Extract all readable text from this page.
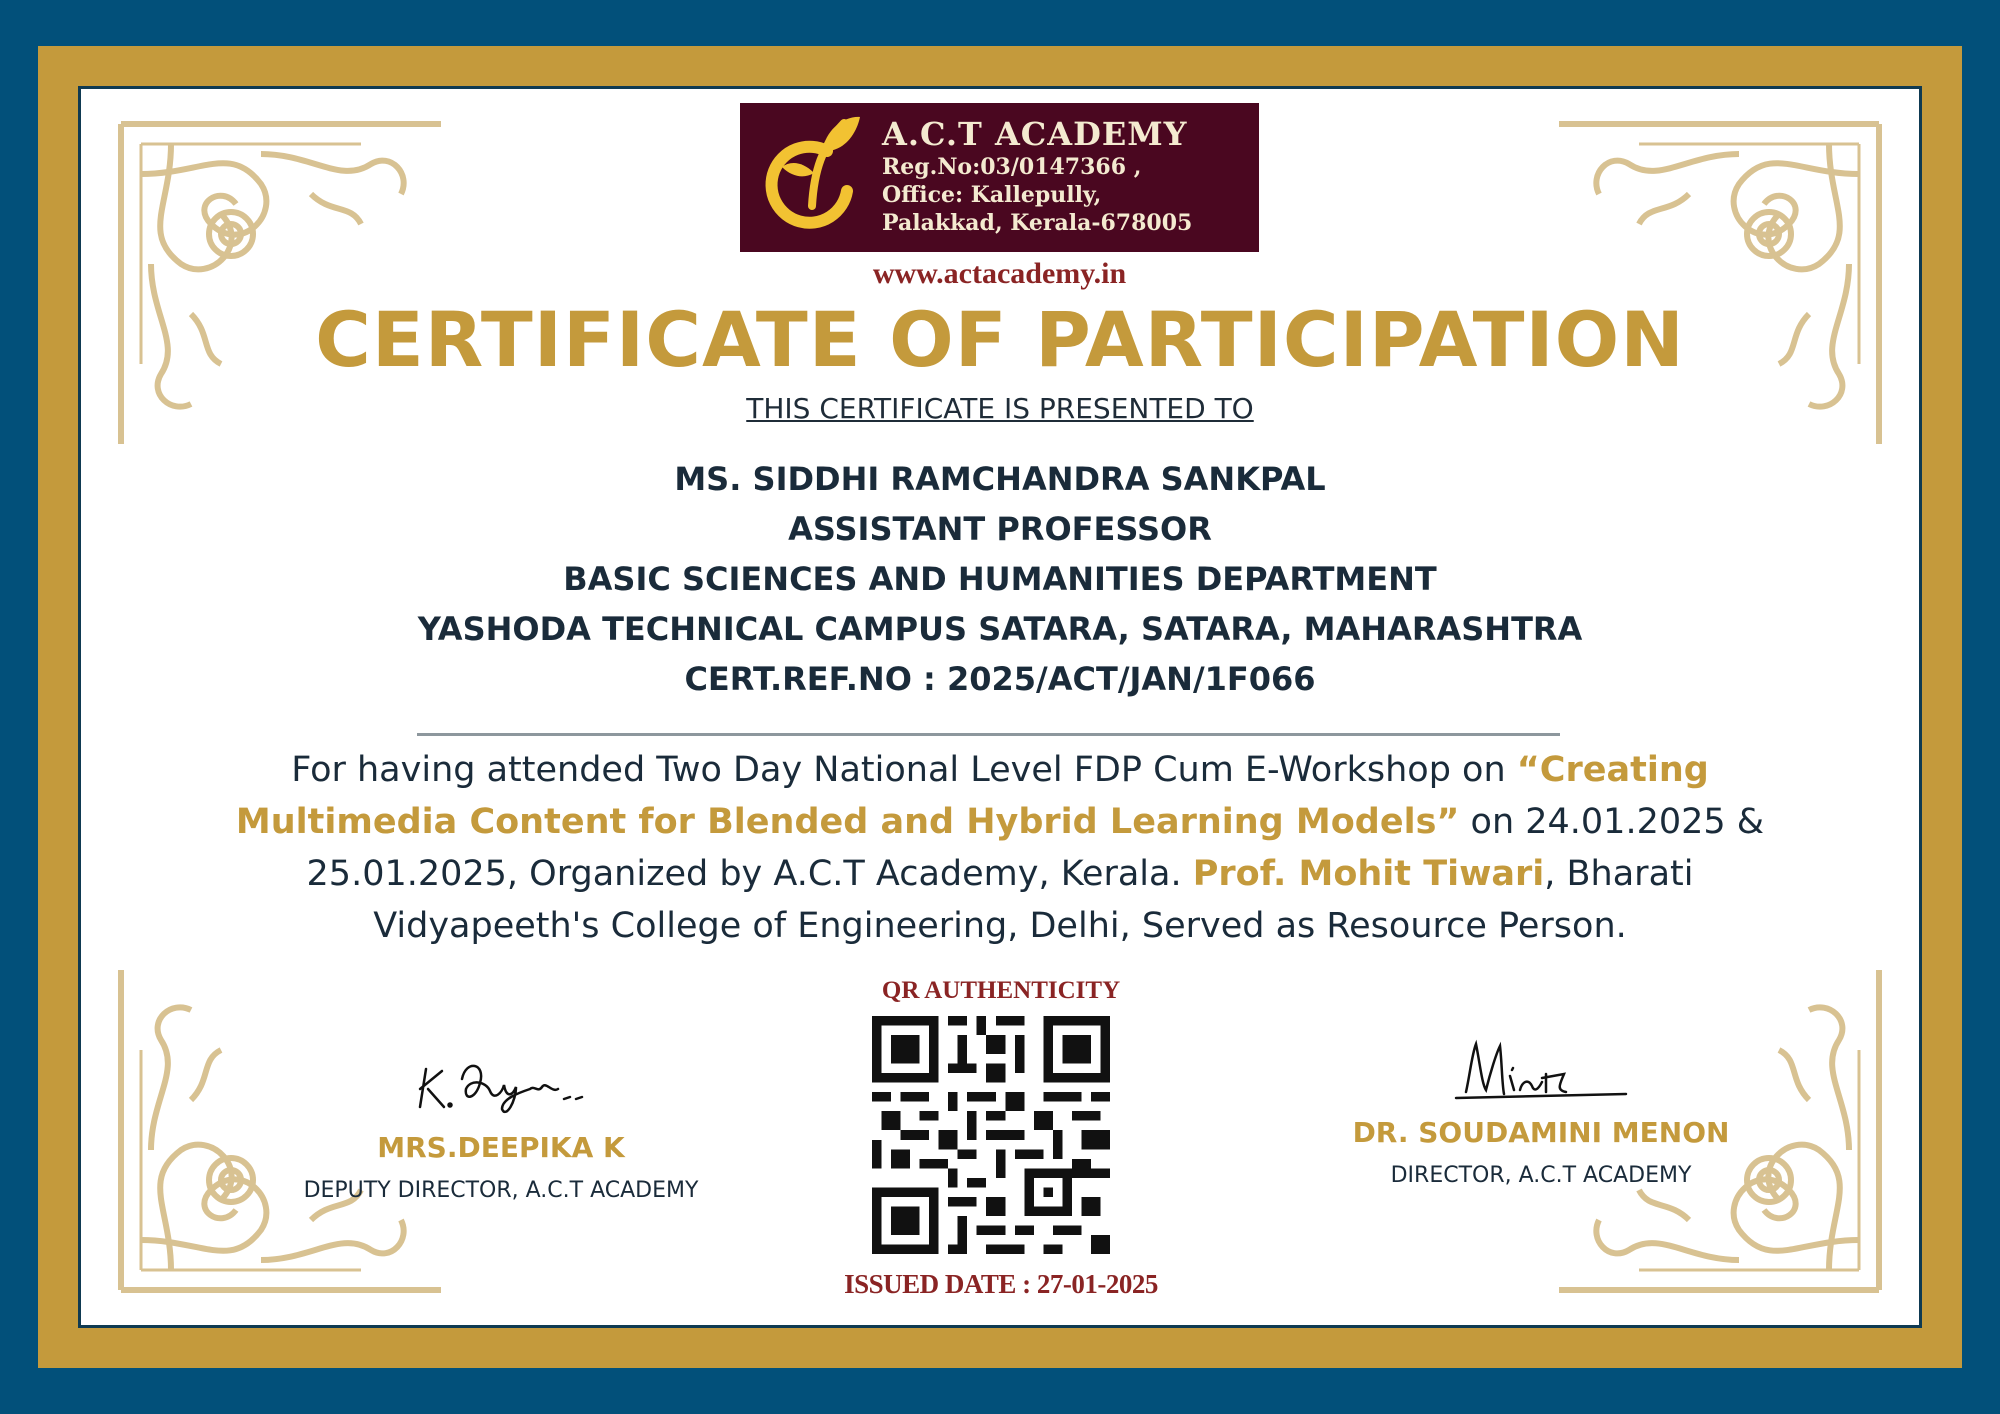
A.C.T ACADEMY
Reg.No:03/0147366 ,
Office: Kallepully,
Palakkad, Kerala-678005
www.actacademy.in
CERTIFICATE OF PARTICIPATION
THIS CERTIFICATE IS PRESENTED TO
MS. SIDDHI RAMCHANDRA SANKPAL
ASSISTANT PROFESSOR
BASIC SCIENCES AND HUMANITIES DEPARTMENT
YASHODA TECHNICAL CAMPUS SATARA, SATARA, MAHARASHTRA
CERT.REF.NO : 2025/ACT/JAN/1F066
For having attended Two Day National Level FDP Cum E-Workshop on “Creating Multimedia Content for Blended and Hybrid Learning Models” on 24.01.2025 & 25.01.2025, Organized by A.C.T Academy, Kerala. Prof. Mohit Tiwari, Bharati Vidyapeeth's College of Engineering, Delhi, Served as Resource Person.
MRS.DEEPIKA K
DEPUTY DIRECTOR, A.C.T ACADEMY
QR AUTHENTICITY
ISSUED DATE : 27-01-2025
DR. SOUDAMINI MENON
DIRECTOR, A.C.T ACADEMY
